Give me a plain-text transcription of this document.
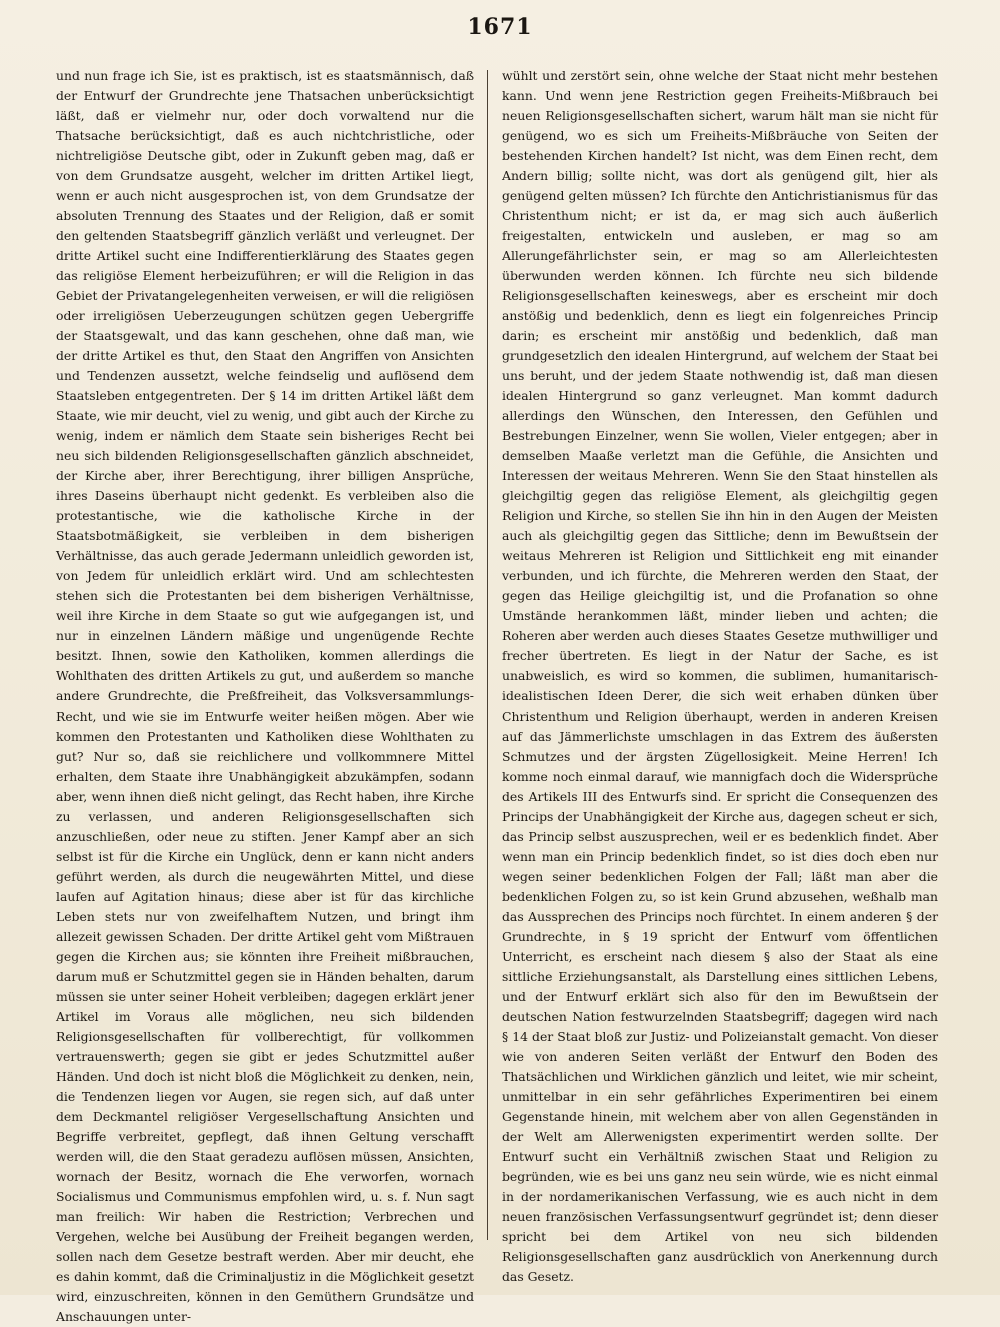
1671

und nun frage ich Sie, ist es praktisch, ist es staatsmännisch, daß der Entwurf der Grundrechte jene Thatsachen unberücksichtigt läßt, daß er vielmehr nur, oder doch vorwaltend nur die Thatsache berücksichtigt, daß es auch nichtchristliche, oder nichtreligiöse Deutsche gibt, oder in Zukunft geben mag, daß er von dem Grundsatze ausgeht, welcher im dritten Artikel liegt, wenn er auch nicht ausgesprochen ist, von dem Grundsatze der absoluten Trennung des Staates und der Religion, daß er somit den geltenden Staatsbegriff gänzlich verläßt und verleugnet. Der dritte Artikel sucht eine Indifferentierklärung des Staates gegen das religiöse Element herbeizuführen; er will die Religion in das Gebiet der Privatangelegenheiten verweisen, er will die religiösen oder irreligiösen Ueberzeugungen schützen gegen Uebergriffe der Staatsgewalt, und das kann geschehen, ohne daß man, wie der dritte Artikel es thut, den Staat den Angriffen von Ansichten und Tendenzen aussetzt, welche feindselig und auflösend dem Staatsleben entgegentreten. Der § 14 im dritten Artikel läßt dem Staate, wie mir deucht, viel zu wenig, und gibt auch der Kirche zu wenig, indem er nämlich dem Staate sein bisheriges Recht bei neu sich bildenden Religionsgesellschaften gänzlich abschneidet, der Kirche aber, ihrer Berechtigung, ihrer billigen Ansprüche, ihres Daseins überhaupt nicht gedenkt. Es verbleiben also die protestantische, wie die katholische Kirche in der Staatsbotmäßigkeit, sie verbleiben in dem bisherigen Verhältnisse, das auch gerade Jedermann unleidlich geworden ist, von Jedem für unleidlich erklärt wird. Und am schlechtesten stehen sich die Protestanten bei dem bisherigen Verhältnisse, weil ihre Kirche in dem Staate so gut wie aufgegangen ist, und nur in einzelnen Ländern mäßige und ungenügende Rechte besitzt. Ihnen, sowie den Katholiken, kommen allerdings die Wohlthaten des dritten Artikels zu gut, und außerdem so manche andere Grundrechte, die Preßfreiheit, das Volksversammlungs-Recht, und wie sie im Entwurfe weiter heißen mögen. Aber wie kommen den Protestanten und Katholiken diese Wohlthaten zu gut? Nur so, daß sie reichlichere und vollkommnere Mittel erhalten, dem Staate ihre Unabhängigkeit abzukämpfen, sodann aber, wenn ihnen dieß nicht gelingt, das Recht haben, ihre Kirche zu verlassen, und anderen Religionsgesellschaften sich anzuschließen, oder neue zu stiften. Jener Kampf aber an sich selbst ist für die Kirche ein Unglück, denn er kann nicht anders geführt werden, als durch die neugewährten Mittel, und diese laufen auf Agitation hinaus; diese aber ist für das kirchliche Leben stets nur von zweifelhaftem Nutzen, und bringt ihm allezeit gewissen Schaden. Der dritte Artikel geht vom Mißtrauen gegen die Kirchen aus; sie könnten ihre Freiheit mißbrauchen, darum muß er Schutzmittel gegen sie in Händen behalten, darum müssen sie unter seiner Hoheit verbleiben; dagegen erklärt jener Artikel im Voraus alle möglichen, neu sich bildenden Religionsgesellschaften für vollberechtigt, für vollkommen vertrauenswerth; gegen sie gibt er jedes Schutzmittel außer Händen. Und doch ist nicht bloß die Möglichkeit zu denken, nein, die Tendenzen liegen vor Augen, sie regen sich, auf daß unter dem Deckmantel religiöser Vergesellschaftung Ansichten und Begriffe verbreitet, gepflegt, daß ihnen Geltung verschafft werden will, die den Staat geradezu auflösen müssen, Ansichten, wornach der Besitz, wornach die Ehe verworfen, wornach Socialismus und Communismus empfohlen wird, u. s. f. Nun sagt man freilich: Wir haben die Restriction; Verbrechen und Vergehen, welche bei Ausübung der Freiheit begangen werden, sollen nach dem Gesetze bestraft werden. Aber mir deucht, ehe es dahin kommt, daß die Criminaljustiz in die Möglichkeit gesetzt wird, einzuschreiten, können in den Gemüthern Grundsätze und Anschauungen unter-

wühlt und zerstört sein, ohne welche der Staat nicht mehr bestehen kann. Und wenn jene Restriction gegen Freiheits-Mißbrauch bei neuen Religionsgesellschaften sichert, warum hält man sie nicht für genügend, wo es sich um Freiheits-Mißbräuche von Seiten der bestehenden Kirchen handelt? Ist nicht, was dem Einen recht, dem Andern billig; sollte nicht, was dort als genügend gilt, hier als genügend gelten müssen? Ich fürchte den Antichristianismus für das Christenthum nicht; er ist da, er mag sich auch äußerlich freigestalten, entwickeln und ausleben, er mag so am Allerungefährlichster sein, er mag so am Allerleichtesten überwunden werden können. Ich fürchte neu sich bildende Religionsgesellschaften keineswegs, aber es erscheint mir doch anstößig und bedenklich, denn es liegt ein folgenreiches Princip darin; es erscheint mir anstößig und bedenklich, daß man grundgesetzlich den idealen Hintergrund, auf welchem der Staat bei uns beruht, und der jedem Staate nothwendig ist, daß man diesen idealen Hintergrund so ganz verleugnet. Man kommt dadurch allerdings den Wünschen, den Interessen, den Gefühlen und Bestrebungen Einzelner, wenn Sie wollen, Vieler entgegen; aber in demselben Maaße verletzt man die Gefühle, die Ansichten und Interessen der weitaus Mehreren. Wenn Sie den Staat hinstellen als gleichgiltig gegen das religiöse Element, als gleichgiltig gegen Religion und Kirche, so stellen Sie ihn hin in den Augen der Meisten auch als gleichgiltig gegen das Sittliche; denn im Bewußtsein der weitaus Mehreren ist Religion und Sittlichkeit eng mit einander verbunden, und ich fürchte, die Mehreren werden den Staat, der gegen das Heilige gleichgiltig ist, und die Profanation so ohne Umstände herankommen läßt, minder lieben und achten; die Roheren aber werden auch dieses Staates Gesetze muthwilliger und frecher übertreten. Es liegt in der Natur der Sache, es ist unabweislich, es wird so kommen, die sublimen, humanitarisch-idealistischen Ideen Derer, die sich weit erhaben dünken über Christenthum und Religion überhaupt, werden in anderen Kreisen auf das Jämmerlichste umschlagen in das Extrem des äußersten Schmutzes und der ärgsten Zügellosigkeit. Meine Herren! Ich komme noch einmal darauf, wie mannigfach doch die Widersprüche des Artikels III des Entwurfs sind. Er spricht die Consequenzen des Princips der Unabhängigkeit der Kirche aus, dagegen scheut er sich, das Princip selbst auszusprechen, weil er es bedenklich findet. Aber wenn man ein Princip bedenklich findet, so ist dies doch eben nur wegen seiner bedenklichen Folgen der Fall; läßt man aber die bedenklichen Folgen zu, so ist kein Grund abzusehen, weßhalb man das Aussprechen des Princips noch fürchtet. In einem anderen § der Grundrechte, in § 19 spricht der Entwurf vom öffentlichen Unterricht, es erscheint nach diesem § also der Staat als eine sittliche Erziehungsanstalt, als Darstellung eines sittlichen Lebens, und der Entwurf erklärt sich also für den im Bewußtsein der deutschen Nation festwurzelnden Staatsbegriff; dagegen wird nach § 14 der Staat bloß zur Justiz- und Polizeianstalt gemacht. Von dieser wie von anderen Seiten verläßt der Entwurf den Boden des Thatsächlichen und Wirklichen gänzlich und leitet, wie mir scheint, unmittelbar in ein sehr gefährliches Experimentiren bei einem Gegenstande hinein, mit welchem aber von allen Gegenständen in der Welt am Allerwenigsten experimentirt werden sollte. Der Entwurf sucht ein Verhältniß zwischen Staat und Religion zu begründen, wie es bei uns ganz neu sein würde, wie es nicht einmal in der nordamerikanischen Verfassung, wie es auch nicht in dem neuen französischen Verfassungsentwurf gegründet ist; denn dieser spricht bei dem Artikel von neu sich bildenden Religionsgesellschaften ganz ausdrücklich von Anerkennung durch das Gesetz.
